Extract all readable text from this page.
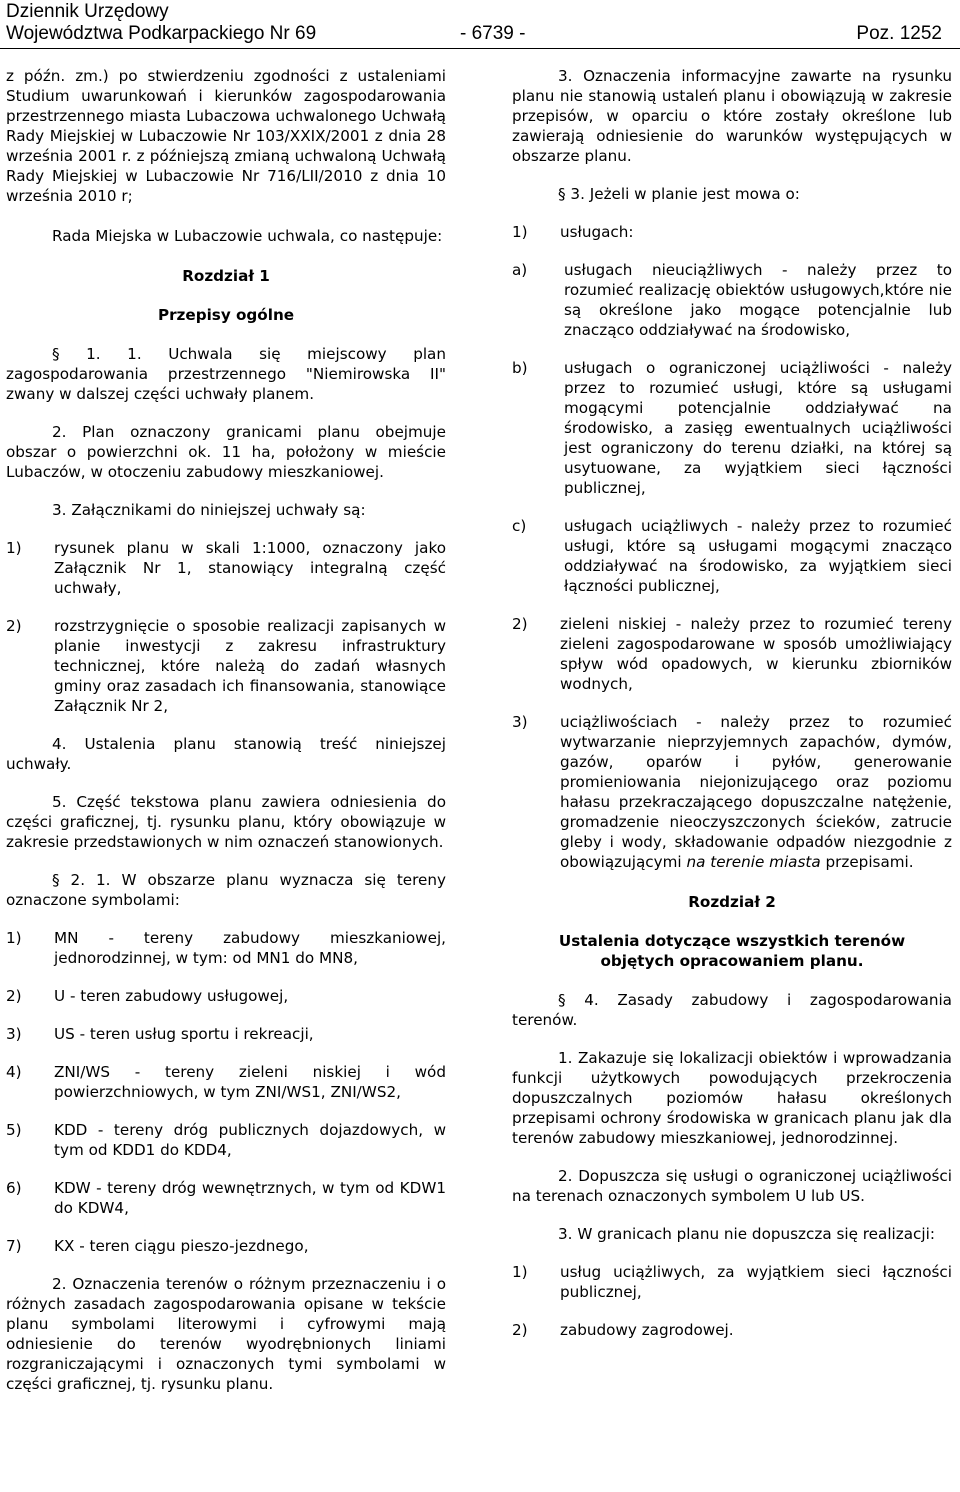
Dziennik Urzędowy
Województwa Podkarpackiego Nr 69	- 6739 -	Poz. 1252

z późn. zm.) po stwierdzeniu zgodności z ustaleniami Studium uwarunkowań i kierunków zagospodarowania przestrzennego miasta Lubaczowa uchwalonego Uchwałą Rady Miejskiej w Lubaczowie Nr 103/XXIX/2001 z dnia 28 września 2001 r. z późniejszą zmianą uchwaloną Uchwałą Rady Miejskiej w Lubaczowie Nr 716/LII/2010 z dnia 10 września 2010 r;

Rada Miejska w Lubaczowie uchwala, co następuje:

Rozdział 1

Przepisy ogólne

§ 1. 1. Uchwala się miejscowy plan zagospodarowania przestrzennego "Niemirowska II" zwany w dalszej części uchwały planem.

2. Plan oznaczony granicami planu obejmuje obszar o powierzchni ok. 11 ha, położony w mieście Lubaczów, w otoczeniu zabudowy mieszkaniowej.

3. Załącznikami do niniejszej uchwały są:

1)	rysunek planu w skali 1:1000, oznaczony jako Załącznik Nr 1, stanowiący integralną część uchwały,
2)	rozstrzygnięcie o sposobie realizacji zapisanych w planie inwestycji z zakresu infrastruktury technicznej, które należą do zadań własnych gminy oraz zasadach ich finansowania, stanowiące Załącznik Nr 2,

4. Ustalenia planu stanowią treść niniejszej uchwały.

5. Część tekstowa planu zawiera odniesienia do części graficznej, tj. rysunku planu, który obowiązuje w zakresie przedstawionych w nim oznaczeń stanowionych.

§ 2. 1. W obszarze planu wyznacza się tereny oznaczone symbolami:

1)	MN - tereny zabudowy mieszkaniowej, jednorodzinnej, w tym: od MN1 do MN8,
2)	U - teren zabudowy usługowej,
3)	US - teren usług sportu i rekreacji,
4)	ZNI/WS - tereny zieleni niskiej i wód powierzchniowych, w tym ZNI/WS1, ZNI/WS2,
5)	KDD - tereny dróg publicznych dojazdowych, w tym od KDD1 do KDD4,
6)	KDW - tereny dróg wewnętrznych, w tym od KDW1 do KDW4,
7)	KX - teren ciągu pieszo-jezdnego,

2. Oznaczenia terenów o różnym przeznaczeniu i o różnych zasadach zagospodarowania opisane w tekście planu symbolami literowymi i cyfrowymi mają odniesienie do terenów wyodrębnionych liniami rozgraniczającymi i oznaczonych tymi symbolami w części graficznej, tj. rysunku planu.

3. Oznaczenia informacyjne zawarte na rysunku planu nie stanowią ustaleń planu i obowiązują w zakresie przepisów, w oparciu o które zostały określone lub zawierają odniesienie do warunków występujących w obszarze planu.

§ 3. Jeżeli w planie jest mowa o:

1)	usługach:
a)	usługach nieuciążliwych - należy przez to rozumieć realizację obiektów usługowych,które nie są określone jako mogące potencjalnie lub znacząco oddziaływać na środowisko,
b)	usługach o ograniczonej uciążliwości - należy przez to rozumieć usługi, które są usługami mogącymi potencjalnie oddziaływać na środowisko, a zasięg ewentualnych uciążliwości jest ograniczony do terenu działki, na której są usytuowane, za wyjątkiem sieci łączności publicznej,
c)	usługach uciążliwych - należy przez to rozumieć usługi, które są usługami mogącymi znacząco oddziaływać na środowisko, za wyjątkiem sieci łączności publicznej,
2)	zieleni niskiej - należy przez to rozumieć tereny zieleni zagospodarowane w sposób umożliwiający spływ wód opadowych, w kierunku zbiorników wodnych,
3)	uciążliwościach - należy przez to rozumieć wytwarzanie nieprzyjemnych zapachów, dymów, gazów, oparów i pyłów, generowanie promieniowania niejonizującego oraz poziomu hałasu przekraczającego dopuszczalne natężenie, gromadzenie nieoczyszczonych ścieków, zatrucie gleby i wody, składowanie odpadów niezgodnie z obowiązującymi na terenie miasta przepisami.

Rozdział 2

Ustalenia dotyczące wszystkich terenów objętych opracowaniem planu.

§ 4. Zasady zabudowy i zagospodarowania terenów.

1. Zakazuje się lokalizacji obiektów i wprowadzania funkcji użytkowych powodujących przekroczenia dopuszczalnych poziomów hałasu określonych przepisami ochrony środowiska w granicach planu jak dla terenów zabudowy mieszkaniowej, jednorodzinnej.

2. Dopuszcza się usługi o ograniczonej uciążliwości na terenach oznaczonych symbolem U lub US.

3. W granicach planu nie dopuszcza się realizacji:

1)	usług uciążliwych, za wyjątkiem sieci łączności publicznej,
2)	zabudowy zagrodowej.
